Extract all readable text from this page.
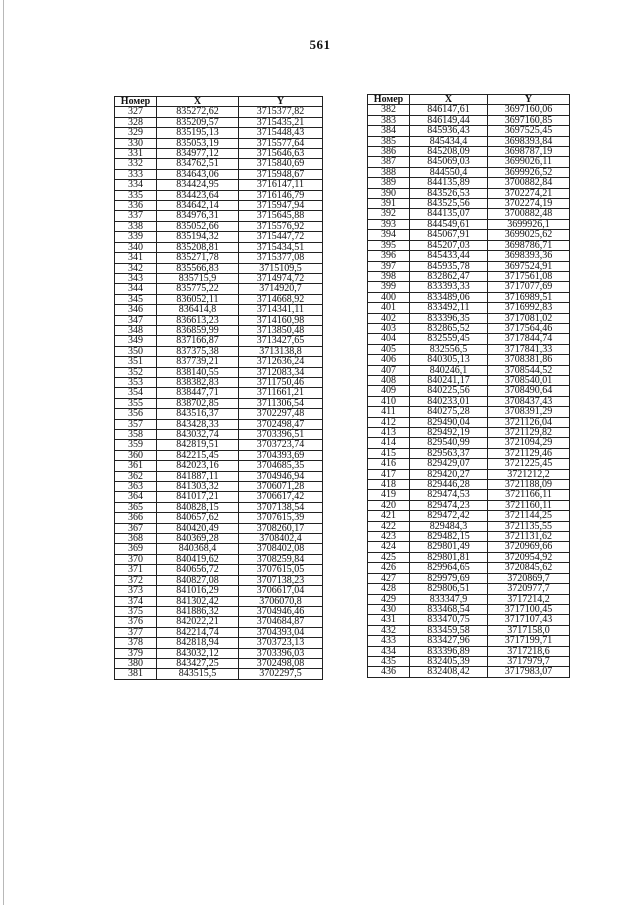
561
Номер	X	Y
327	835272,62	3715377,82
328	835209,57	3715435,21
329	835195,13	3715448,43
330	835053,19	3715577,64
331	834977,12	3715646,63
332	834762,51	3715840,69
333	834643,06	3715948,67
334	834424,95	3716147,11
335	834423,64	3716146,79
336	834642,14	3715947,94
337	834976,31	3715645,88
338	835052,66	3715576,92
339	835194,32	3715447,72
340	835208,81	3715434,51
341	835271,78	3715377,08
342	835566,83	3715109,5
343	835715,9	3714974,72
344	835775,22	3714920,7
345	836052,11	3714668,92
346	836414,8	3714341,11
347	836613,23	3714160,98
348	836859,99	3713850,48
349	837166,87	3713427,65
350	837375,38	3713138,8
351	837739,21	3712636,24
352	838140,55	3712083,34
353	838382,83	3711750,46
354	838447,71	3711661,21
355	838702,85	3711306,54
356	843516,37	3702297,48
357	843428,33	3702498,47
358	843032,74	3703396,51
359	842819,51	3703723,74
360	842215,45	3704393,69
361	842023,16	3704685,35
362	841887,11	3704946,94
363	841303,32	3706071,28
364	841017,21	3706617,42
365	840828,15	3707138,54
366	840657,62	3707615,39
367	840420,49	3708260,17
368	840369,28	3708402,4
369	840368,4	3708402,08
370	840419,62	3708259,84
371	840656,72	3707615,05
372	840827,08	3707138,23
373	841016,29	3706617,04
374	841302,42	3706070,8
375	841886,32	3704946,46
376	842022,21	3704684,87
377	842214,74	3704393,04
378	842818,94	3703723,13
379	843032,12	3703396,03
380	843427,25	3702498,08
381	843515,5	3702297,5
Номер	X	Y
382	846147,61	3697160,06
383	846149,44	3697160,85
384	845936,43	3697525,45
385	845434,4	3698393,84
386	845208,09	3698787,19
387	845069,03	3699026,11
388	844550,4	3699926,52
389	844135,89	3700882,84
390	843526,53	3702274,21
391	843525,56	3702274,19
392	844135,07	3700882,48
393	844549,61	3699926,1
394	845067,91	3699025,62
395	845207,03	3698786,71
396	845433,44	3698393,36
397	845935,78	3697524,91
398	832862,47	3717561,08
399	833393,33	3717077,69
400	833489,06	3716989,51
401	833492,11	3716992,83
402	833396,35	3717081,02
403	832865,52	3717564,46
404	832559,45	3717844,74
405	832556,5	3717841,33
406	840305,13	3708381,86
407	840246,1	3708544,52
408	840241,17	3708540,01
409	840225,56	3708490,64
410	840233,01	3708437,43
411	840275,28	3708391,29
412	829490,04	3721126,04
413	829492,19	3721129,82
414	829540,99	3721094,29
415	829563,37	3721129,46
416	829429,07	3721225,45
417	829420,27	3721212,2
418	829446,28	3721188,09
419	829474,53	3721166,11
420	829474,23	3721160,11
421	829472,42	3721144,25
422	829484,3	3721135,55
423	829482,15	3721131,62
424	829801,49	3720969,66
425	829801,81	3720954,92
426	829964,65	3720845,62
427	829979,69	3720869,7
428	829806,51	3720977,7
429	833347,9	3717214,2
430	833468,54	3717100,45
431	833470,75	3717107,43
432	833459,58	3717158,0
433	833427,96	3717199,71
434	833396,89	3717218,6
435	832405,39	3717979,7
436	832408,42	3717983,07
